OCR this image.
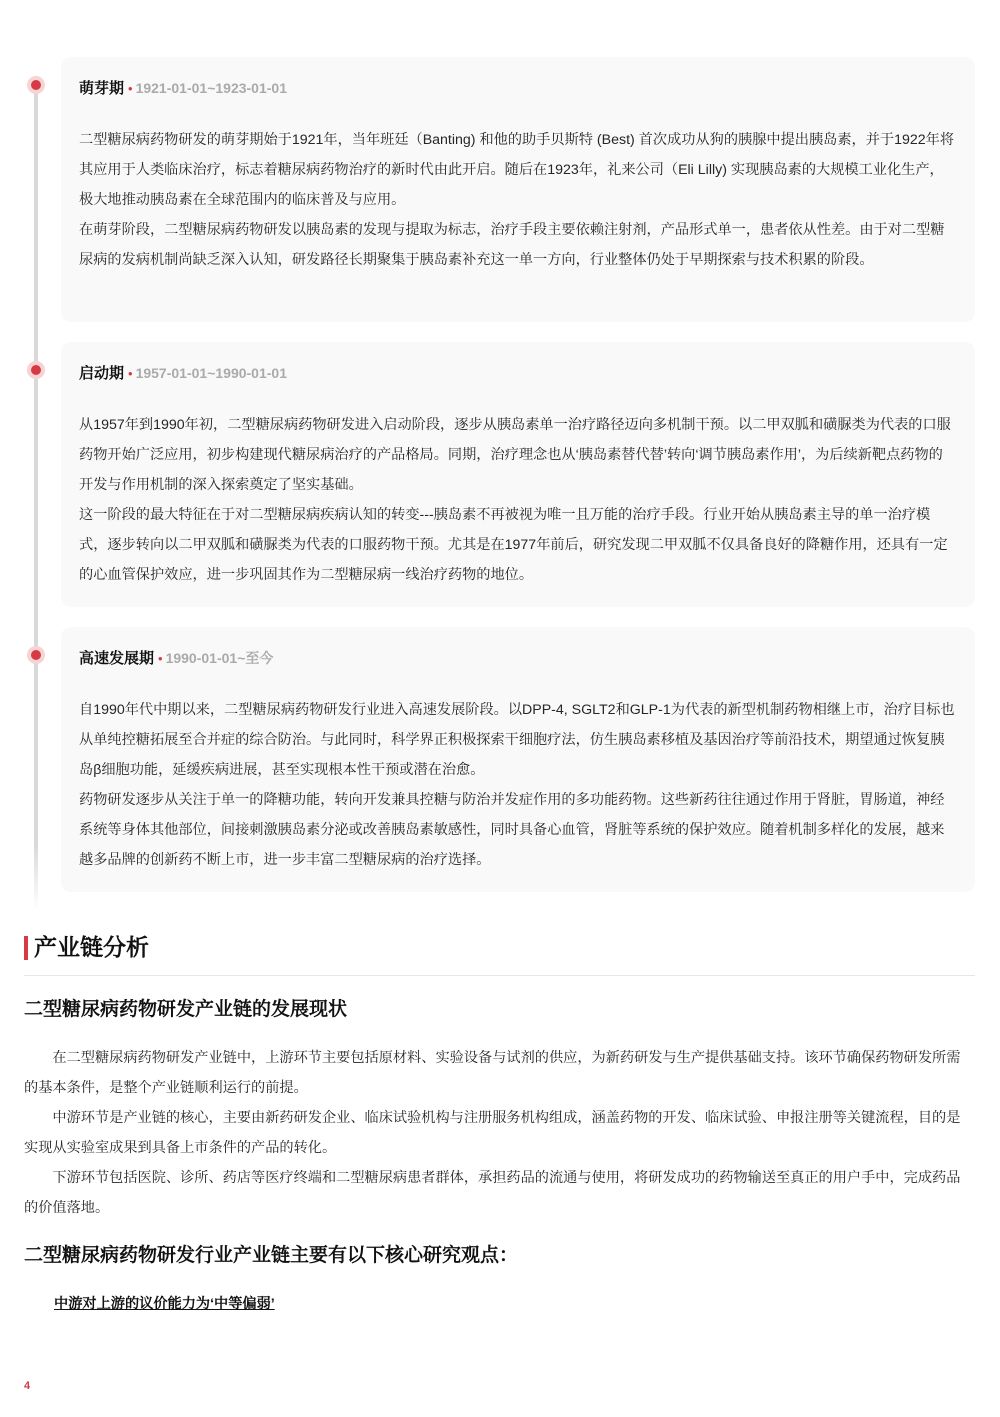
萌芽期 • 1921-01-01~1923-01-01

二型糖尿病药物研发的萌芽期始于1921年，当年班廷（Banting) 和他的助手贝斯特 (Best) 首次成功从狗的胰腺中提出胰岛素，并于1922年将其应用于人类临床治疗，标志着糖尿病药物治疗的新时代由此开启。随后在1923年，礼来公司（Eli Lilly) 实现胰岛素的大规模工业化生产，极大地推动胰岛素在全球范围内的临床普及与应用。

在萌芽阶段，二型糖尿病药物研发以胰岛素的发现与提取为标志，治疗手段主要依赖注射剂，产品形式单一，患者依从性差。由于对二型糖尿病的发病机制尚缺乏深入认知，研发路径长期聚集于胰岛素补充这一单一方向，行业整体仍处于早期探索与技术积累的阶段。

启动期 • 1957-01-01~1990-01-01

从1957年到1990年初，二型糖尿病药物研发进入启动阶段，逐步从胰岛素单一治疗路径迈向多机制干预。以二甲双胍和磺脲类为代表的口服药物开始广泛应用，初步构建现代糖尿病治疗的产品格局。同期，治疗理念也从‘胰岛素替代替’转向‘调节胰岛素作用’，为后续新靶点药物的开发与作用机制的深入探索奠定了坚实基础。

这一阶段的最大特征在于对二型糖尿病疾病认知的转变---胰岛素不再被视为唯一且万能的治疗手段。行业开始从胰岛素主导的单一治疗模式，逐步转向以二甲双胍和磺脲类为代表的口服药物干预。尤其是在1977年前后，研究发现二甲双胍不仅具备良好的降糖作用，还具有一定的心血管保护效应，进一步巩固其作为二型糖尿病一线治疗药物的地位。

高速发展期 • 1990-01-01~至今

自1990年代中期以来，二型糖尿病药物研发行业进入高速发展阶段。以DPP-4, SGLT2和GLP-1为代表的新型机制药物相继上市，治疗目标也从单纯控糖拓展至合并症的综合防治。与此同时，科学界正积极探索干细胞疗法，仿生胰岛素移植及基因治疗等前沿技术，期望通过恢复胰岛β细胞功能，延缓疾病进展，甚至实现根本性干预或潜在治愈。

药物研发逐步从关注于单一的降糖功能，转向开发兼具控糖与防治并发症作用的多功能药物。这些新药往往通过作用于肾脏，胃肠道，神经系统等身体其他部位，间接刺激胰岛素分泌或改善胰岛素敏感性，同时具备心血管，肾脏等系统的保护效应。随着机制多样化的发展，越来越多品牌的创新药不断上市，进一步丰富二型糖尿病的治疗选择。

产业链分析
二型糖尿病药物研发产业链的发展现状

在二型糖尿病药物研发产业链中，上游环节主要包括原材料、实验设备与试剂的供应，为新药研发与生产提供基础支持。该环节确保药物研发所需的基本条件，是整个产业链顺利运行的前提。

中游环节是产业链的核心，主要由新药研发企业、临床试验机构与注册服务机构组成，涵盖药物的开发、临床试验、申报注册等关键流程，目的是实现从实验室成果到具备上市条件的产品的转化。

下游环节包括医院、诊所、药店等医疗终端和二型糖尿病患者群体，承担药品的流通与使用，将研发成功的药物输送至真正的用户手中，完成药品的价值落地。

二型糖尿病药物研发行业产业链主要有以下核心研究观点：
中游对上游的议价能力为‘中等偏弱’
4
